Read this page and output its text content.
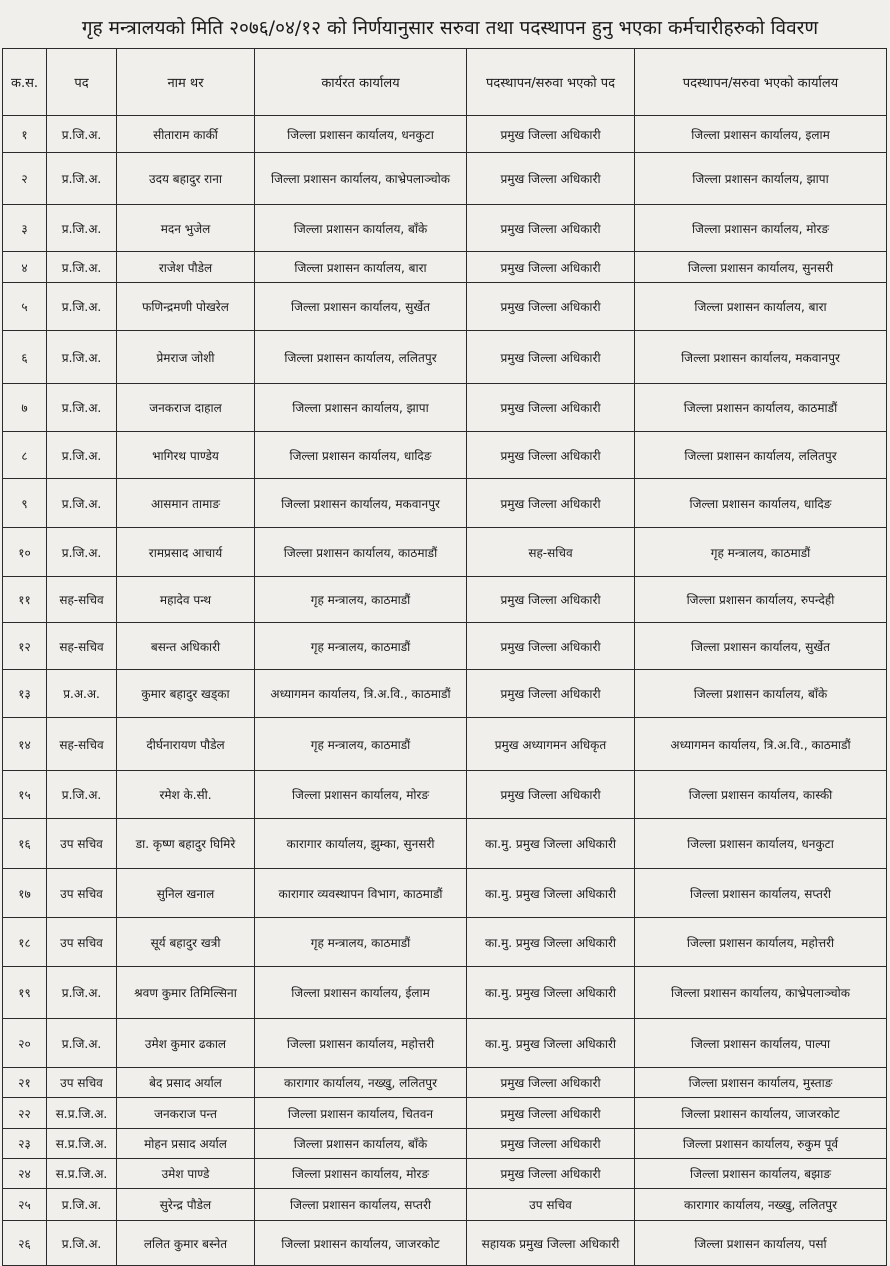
गृह मन्त्रालयको मिति २०७६/०४/१२ को निर्णयानुसार सरुवा तथा पदस्थापन हुनु भएका कर्मचारीहरुको विवरण
क.स.	पद	नाम थर	कार्यरत कार्यालय	पदस्थापन/सरुवा भएको पद	पदस्थापन/सरुवा भएको कार्यालय
१	प्र.जि.अ.	सीताराम कार्की	जिल्ला प्रशासन कार्यालय, धनकुटा	प्रमुख जिल्ला अधिकारी	जिल्ला प्रशासन कार्यालय, इलाम
२	प्र.जि.अ.	उदय बहादुर राना	जिल्ला प्रशासन कार्यालय, काभ्रेपलाञ्चोक	प्रमुख जिल्ला अधिकारी	जिल्ला प्रशासन कार्यालय, झापा
३	प्र.जि.अ.	मदन भुजेल	जिल्ला प्रशासन कार्यालय, बाँके	प्रमुख जिल्ला अधिकारी	जिल्ला प्रशासन कार्यालय, मोरङ
४	प्र.जि.अ.	राजेश पौडेल	जिल्ला प्रशासन कार्यालय, बारा	प्रमुख जिल्ला अधिकारी	जिल्ला प्रशासन कार्यालय, सुनसरी
५	प्र.जि.अ.	फणिन्द्रमणी पोखरेल	जिल्ला प्रशासन कार्यालय, सुर्खेत	प्रमुख जिल्ला अधिकारी	जिल्ला प्रशासन कार्यालय, बारा
६	प्र.जि.अ.	प्रेमराज जोशी	जिल्ला प्रशासन कार्यालय, ललितपुर	प्रमुख जिल्ला अधिकारी	जिल्ला प्रशासन कार्यालय, मकवानपुर
७	प्र.जि.अ.	जनकराज दाहाल	जिल्ला प्रशासन कार्यालय, झापा	प्रमुख जिल्ला अधिकारी	जिल्ला प्रशासन कार्यालय, काठमाडौं
८	प्र.जि.अ.	भागिरथ पाण्डेय	जिल्ला प्रशासन कार्यालय, धादिङ	प्रमुख जिल्ला अधिकारी	जिल्ला प्रशासन कार्यालय, ललितपुर
९	प्र.जि.अ.	आसमान तामाङ	जिल्ला प्रशासन कार्यालय, मकवानपुर	प्रमुख जिल्ला अधिकारी	जिल्ला प्रशासन कार्यालय, धादिङ
१०	प्र.जि.अ.	रामप्रसाद आचार्य	जिल्ला प्रशासन कार्यालय, काठमाडौं	सह-सचिव	गृह मन्त्रालय, काठमाडौं
११	सह-सचिव	महादेव पन्थ	गृह मन्त्रालय, काठमाडौं	प्रमुख जिल्ला अधिकारी	जिल्ला प्रशासन कार्यालय, रुपन्देही
१२	सह-सचिव	बसन्त अधिकारी	गृह मन्त्रालय, काठमाडौं	प्रमुख जिल्ला अधिकारी	जिल्ला प्रशासन कार्यालय, सुर्खेत
१३	प्र.अ.अ.	कुमार बहादुर खड्का	अध्यागमन कार्यालय, त्रि.अ.वि., काठमाडौं	प्रमुख जिल्ला अधिकारी	जिल्ला प्रशासन कार्यालय, बाँके
१४	सह-सचिव	दीर्घनारायण पौडेल	गृह मन्त्रालय, काठमाडौं	प्रमुख अध्यागमन अधिकृत	अध्यागमन कार्यालय, त्रि.अ.वि., काठमाडौं
१५	प्र.जि.अ.	रमेश के.सी.	जिल्ला प्रशासन कार्यालय, मोरङ	प्रमुख जिल्ला अधिकारी	जिल्ला प्रशासन कार्यालय, कास्की
१६	उप सचिव	डा. कृष्ण बहादुर घिमिरे	कारागार कार्यालय, झुम्का, सुनसरी	का.मु. प्रमुख जिल्ला अधिकारी	जिल्ला प्रशासन कार्यालय, धनकुटा
१७	उप सचिव	सुनिल खनाल	कारागार व्यवस्थापन विभाग, काठमाडौं	का.मु. प्रमुख जिल्ला अधिकारी	जिल्ला प्रशासन कार्यालय, सप्तरी
१८	उप सचिव	सूर्य बहादुर खत्री	गृह मन्त्रालय, काठमाडौं	का.मु. प्रमुख जिल्ला अधिकारी	जिल्ला प्रशासन कार्यालय, महोत्तरी
१९	प्र.जि.अ.	श्रवण कुमार तिमिल्सिना	जिल्ला प्रशासन कार्यालय, ईलाम	का.मु. प्रमुख जिल्ला अधिकारी	जिल्ला प्रशासन कार्यालय, काभ्रेपलाञ्चोक
२०	प्र.जि.अ.	उमेश कुमार ढकाल	जिल्ला प्रशासन कार्यालय, महोत्तरी	का.मु. प्रमुख जिल्ला अधिकारी	जिल्ला प्रशासन कार्यालय, पाल्पा
२१	उप सचिव	बेद प्रसाद अर्याल	कारागार कार्यालय, नख्खु, ललितपुर	प्रमुख जिल्ला अधिकारी	जिल्ला प्रशासन कार्यालय, मुस्ताङ
२२	स.प्र.जि.अ.	जनकराज पन्त	जिल्ला प्रशासन कार्यालय, चितवन	प्रमुख जिल्ला अधिकारी	जिल्ला प्रशासन कार्यालय, जाजरकोट
२३	स.प्र.जि.अ.	मोहन प्रसाद अर्याल	जिल्ला प्रशासन कार्यालय, बाँके	प्रमुख जिल्ला अधिकारी	जिल्ला प्रशासन कार्यालय, रुकुम पूर्व
२४	स.प्र.जि.अ.	उमेश पाण्डे	जिल्ला प्रशासन कार्यालय, मोरङ	प्रमुख जिल्ला अधिकारी	जिल्ला प्रशासन कार्यालय, बझाङ
२५	प्र.जि.अ.	सुरेन्द्र पौडेल	जिल्ला प्रशासन कार्यालय, सप्तरी	उप सचिव	कारागार कार्यालय, नख्खु, ललितपुर
२६	प्र.जि.अ.	ललित कुमार बस्नेत	जिल्ला प्रशासन कार्यालय, जाजरकोट	सहायक प्रमुख जिल्ला अधिकारी	जिल्ला प्रशासन कार्यालय, पर्सा
